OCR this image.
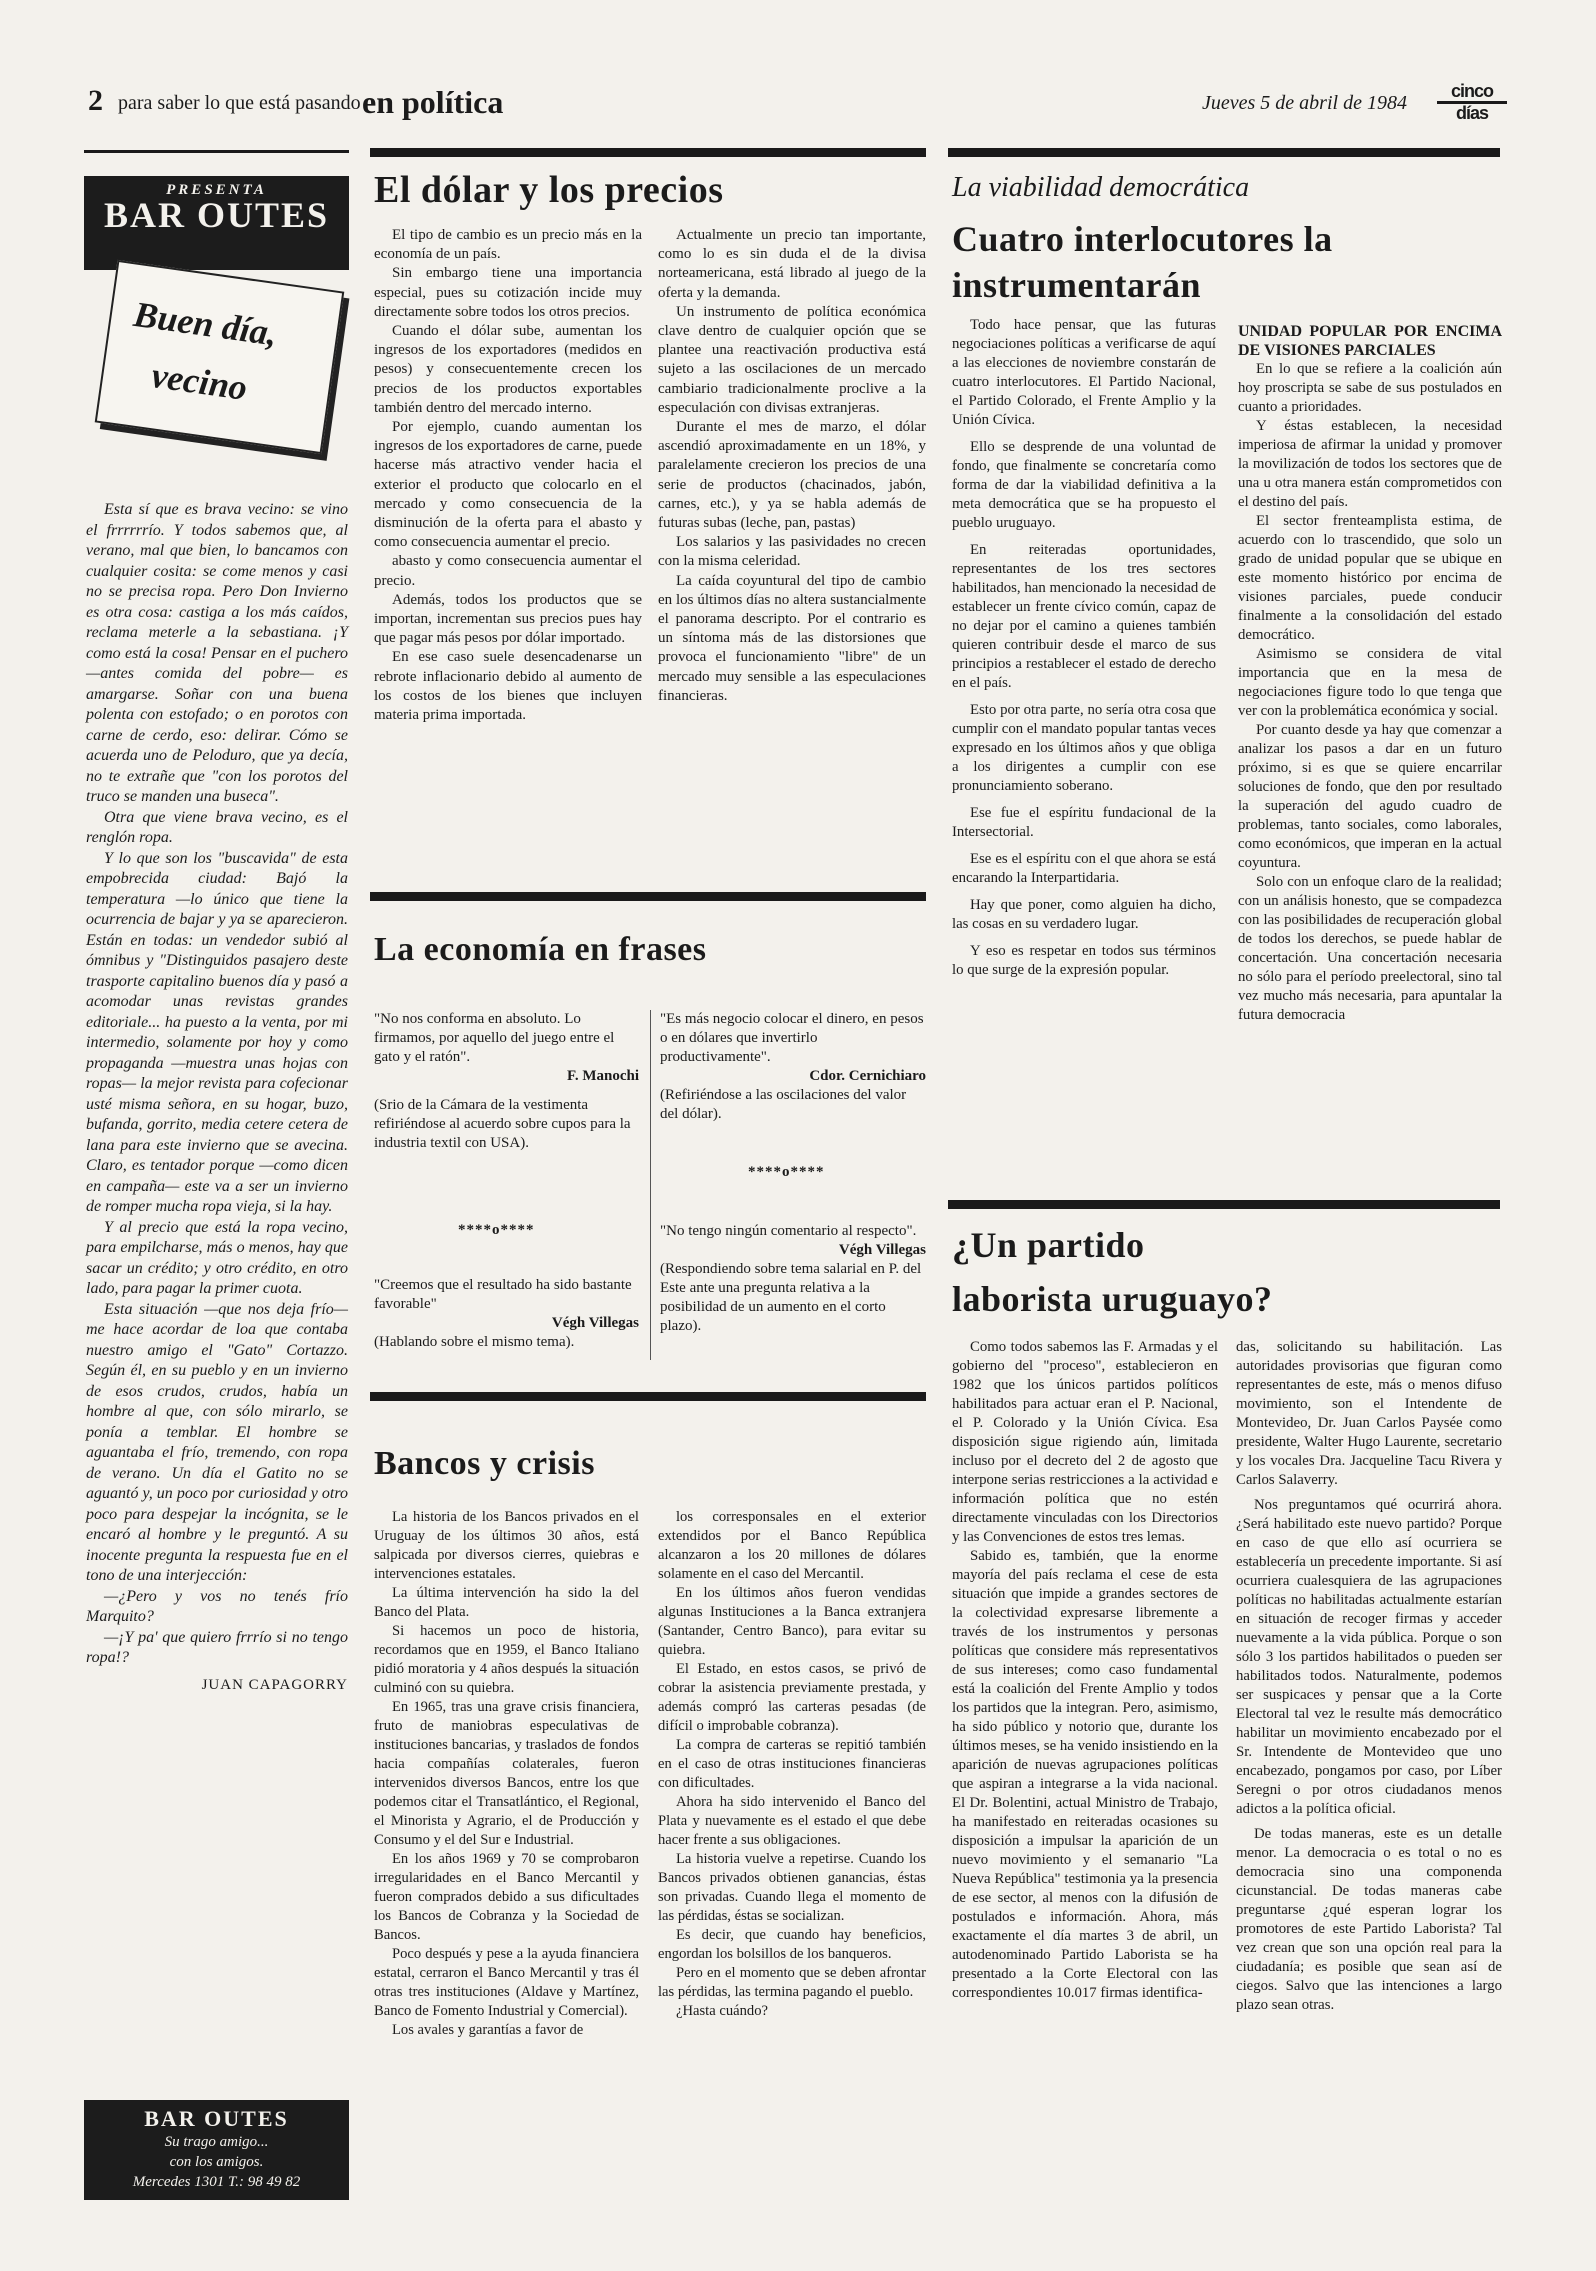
2 para saber lo que está pasando en política	Jueves 5 de abril de 1984
cinco
días
PRESENTA
BAR OUTES
Buen día,
vecino

Esta sí que es brava vecino: se vino el frrrrrrío. Y todos sabemos que, al verano, mal que bien, lo bancamos con cualquier cosita: se come menos y casi no se precisa ropa. Pero Don Invierno es otra cosa: castiga a los más caídos, reclama meterle a la sebastiana. ¡Y como está la cosa! Pensar en el puchero —antes comida del pobre— es amargarse. Soñar con una buena polenta con estofado; o en porotos con carne de cerdo, eso: delirar. Cómo se acuerda uno de Peloduro, que ya decía, no te extrañe que "con los porotos del truco se manden una buseca".

Otra que viene brava vecino, es el renglón ropa.

Y lo que son los "buscavida" de esta empobrecida ciudad: Bajó la temperatura —lo único que tiene la ocurrencia de bajar y ya se aparecieron. Están en todas: un vendedor subió al ómnibus y "Distinguidos pasajero deste trasporte capitalino buenos día y pasó a acomodar unas revistas grandes editoriale... ha puesto a la venta, por mi intermedio, solamente por hoy y como propaganda —muestra unas hojas con ropas— la mejor revista para cofecionar usté misma señora, en su hogar, buzo, bufanda, gorrito, media cetere cetera de lana para este invierno que se avecina. Claro, es tentador porque —como dicen en campaña— este va a ser un invierno de romper mucha ropa vieja, si la hay.

Y al precio que está la ropa vecino, para empilcharse, más o menos, hay que sacar un crédito; y otro crédito, en otro lado, para pagar la primer cuota.

Esta situación —que nos deja frío— me hace acordar de loa que contaba nuestro amigo el "Gato" Cortazzo. Según él, en su pueblo y en un invierno de esos crudos, crudos, había un hombre al que, con sólo mirarlo, se ponía a temblar. El hombre se aguantaba el frío, tremendo, con ropa de verano. Un día el Gatito no se aguantó y, un poco por curiosidad y otro poco para despejar la incógnita, se le encaró al hombre y le preguntó. A su inocente pregunta la respuesta fue en el tono de una interjección:

—¿Pero y vos no tenés frío Marquito?

—¡Y pa' que quiero frrrío si no tengo ropa!?

JUAN CAPAGORRY
BAR OUTES
Su trago amigo...
con los amigos.
Mercedes 1301 T.: 98 49 82
El dólar y los precios

El tipo de cambio es un precio más en la economía de un país.

Sin embargo tiene una importancia especial, pues su cotización incide muy directamente sobre todos los otros precios.

Cuando el dólar sube, aumentan los ingresos de los exportadores (medidos en pesos) y consecuentemente crecen los precios de los productos exportables también dentro del mercado interno.

Por ejemplo, cuando aumentan los ingresos de los exportadores de carne, puede hacerse más atractivo vender hacia el exterior el producto que colocarlo en el mercado y como consecuencia de la disminución de la oferta para el abasto y como consecuencia aumentar el precio.

abasto y como consecuencia aumentar el precio.

Además, todos los productos que se importan, incrementan sus precios pues hay que pagar más pesos por dólar importado.

En ese caso suele desencadenarse un rebrote inflacionario debido al aumento de los costos de los bienes que incluyen materia prima importada.

Actualmente un precio tan importante, como lo es sin duda el de la divisa norteamericana, está librado al juego de la oferta y la demanda.

Un instrumento de política económica clave dentro de cualquier opción que se plantee una reactivación productiva está sujeto a las oscilaciones de un mercado cambiario tradicionalmente proclive a la especulación con divisas extranjeras.

Durante el mes de marzo, el dólar ascendió aproximadamente en un 18%, y paralelamente crecieron los precios de una serie de productos (chacinados, jabón, carnes, etc.), y ya se habla además de futuras subas (leche, pan, pastas)

Los salarios y las pasividades no crecen con la misma celeridad.

La caída coyuntural del tipo de cambio en los últimos días no altera sustancialmente el panorama descripto. Por el contrario es un síntoma más de las distorsiones que provoca el funcionamiento "libre" de un mercado muy sensible a las especulaciones financieras.

La economía en frases
"No nos conforma en absoluto. Lo firmamos, por aquello del juego entre el gato y el ratón".
F. Manochi
(Srio de la Cámara de la vestimenta refiriéndose al acuerdo sobre cupos para la industria textil con USA).
****o****
"Creemos que el resultado ha sido bastante favorable"
Végh Villegas
(Hablando sobre el mismo tema).
"Es más negocio colocar el dinero, en pesos o en dólares que invertirlo productivamente".
Cdor. Cernichiaro
(Refiriéndose a las oscilaciones del valor del dólar).
****o****
"No tengo ningún comentario al respecto".
Végh Villegas
(Respondiendo sobre tema salarial en P. del Este ante una pregunta relativa a la posibilidad de un aumento en el corto plazo).
Bancos y crisis

La historia de los Bancos privados en el Uruguay de los últimos 30 años, está salpicada por diversos cierres, quiebras e intervenciones estatales.

La última intervención ha sido la del Banco del Plata.

Si hacemos un poco de historia, recordamos que en 1959, el Banco Italiano pidió moratoria y 4 años después la situación culminó con su quiebra.

En 1965, tras una grave crisis financiera, fruto de maniobras especulativas de instituciones bancarias, y traslados de fondos hacia compañías colaterales, fueron intervenidos diversos Bancos, entre los que podemos citar el Transatlántico, el Regional, el Minorista y Agrario, el de Producción y Consumo y el del Sur e Industrial.

En los años 1969 y 70 se comprobaron irregularidades en el Banco Mercantil y fueron comprados debido a sus dificultades los Bancos de Cobranza y la Sociedad de Bancos.

Poco después y pese a la ayuda financiera estatal, cerraron el Banco Mercantil y tras él otras tres instituciones (Aldave y Martínez, Banco de Fomento Industrial y Comercial).

Los avales y garantías a favor de

los corresponsales en el exterior extendidos por el Banco República alcanzaron a los 20 millones de dólares solamente en el caso del Mercantil.

En los últimos años fueron vendidas algunas Instituciones a la Banca extranjera (Santander, Centro Banco), para evitar su quiebra.

El Estado, en estos casos, se privó de cobrar la asistencia previamente prestada, y además compró las carteras pesadas (de difícil o improbable cobranza).

La compra de carteras se repitió también en el caso de otras instituciones financieras con dificultades.

Ahora ha sido intervenido el Banco del Plata y nuevamente es el estado el que debe hacer frente a sus obligaciones.

La historia vuelve a repetirse. Cuando los Bancos privados obtienen ganancias, éstas son privadas. Cuando llega el momento de las pérdidas, éstas se socializan.

Es decir, que cuando hay beneficios, engordan los bolsillos de los banqueros.

Pero en el momento que se deben afrontar las pérdidas, las termina pagando el pueblo.

¿Hasta cuándo?

La viabilidad democrática
Cuatro interlocutores la instrumentarán

Todo hace pensar, que las futuras negociaciones políticas a verificarse de aquí a las elecciones de noviembre constarán de cuatro interlocutores. El Partido Nacional, el Partido Colorado, el Frente Amplio y la Unión Cívica.

Ello se desprende de una voluntad de fondo, que finalmente se concretaría como forma de dar la viabilidad definitiva a la meta democrática que se ha propuesto el pueblo uruguayo.

En reiteradas oportunidades, representantes de los tres sectores habilitados, han mencionado la necesidad de establecer un frente cívico común, capaz de no dejar por el camino a quienes también quieren contribuir desde el marco de sus principios a restablecer el estado de derecho en el país.

Esto por otra parte, no sería otra cosa que cumplir con el mandato popular tantas veces expresado en los últimos años y que obliga a los dirigentes a cumplir con ese pronunciamiento soberano.

Ese fue el espíritu fundacional de la Intersectorial.

Ese es el espíritu con el que ahora se está encarando la Interpartidaria.

Hay que poner, como alguien ha dicho, las cosas en su verdadero lugar.

Y eso es respetar en todos sus términos lo que surge de la expresión popular.

UNIDAD POPULAR POR ENCIMA DE VISIONES PARCIALES

En lo que se refiere a la coalición aún hoy proscripta se sabe de sus postulados en cuanto a prioridades.

Y éstas establecen, la necesidad imperiosa de afirmar la unidad y promover la movilización de todos los sectores que de una u otra manera están comprometidos con el destino del país.

El sector frenteamplista estima, de acuerdo con lo trascendido, que solo un grado de unidad popular que se ubique en este momento histórico por encima de visiones parciales, puede conducir finalmente a la consolidación del estado democrático.

Asimismo se considera de vital importancia que en la mesa de negociaciones figure todo lo que tenga que ver con la problemática económica y social.

Por cuanto desde ya hay que comenzar a analizar los pasos a dar en un futuro próximo, si es que se quiere encarrilar soluciones de fondo, que den por resultado la superación del agudo cuadro de problemas, tanto sociales, como laborales, como económicos, que imperan en la actual coyuntura.

Solo con un enfoque claro de la realidad; con un análisis honesto, que se compadezca con las posibilidades de recuperación global de todos los derechos, se puede hablar de concertación. Una concertación necesaria no sólo para el período preelectoral, sino tal vez mucho más necesaria, para apuntalar la futura democracia

¿Un partido
laborista uruguayo?

Como todos sabemos las F. Armadas y el gobierno del "proceso", establecieron en 1982 que los únicos partidos políticos habilitados para actuar eran el P. Nacional, el P. Colorado y la Unión Cívica. Esa disposición sigue rigiendo aún, limitada incluso por el decreto del 2 de agosto que interpone serias restricciones a la actividad e información política que no estén directamente vinculadas con los Directorios y las Convenciones de estos tres lemas.

Sabido es, también, que la enorme mayoría del país reclama el cese de esta situación que impide a grandes sectores de la colectividad expresarse libremente a través de los instrumentos y personas políticas que considere más representativos de sus intereses; como caso fundamental está la coalición del Frente Amplio y todos los partidos que la integran. Pero, asimismo, ha sido público y notorio que, durante los últimos meses, se ha venido insistiendo en la aparición de nuevas agrupaciones políticas que aspiran a integrarse a la vida nacional. El Dr. Bolentini, actual Ministro de Trabajo, ha manifestado en reiteradas ocasiones su disposición a impulsar la aparición de un nuevo movimiento y el semanario "La Nueva República" testimonia ya la presencia de ese sector, al menos con la difusión de postulados e información. Ahora, más exactamente el día martes 3 de abril, un autodenominado Partido Laborista se ha presentado a la Corte Electoral con las correspondientes 10.017 firmas identifica-

das, solicitando su habilitación. Las autoridades provisorias que figuran como representantes de este, más o menos difuso movimiento, son el Intendente de Montevideo, Dr. Juan Carlos Paysée como presidente, Walter Hugo Laurente, secretario y los vocales Dra. Jacqueline Tacu Rivera y Carlos Salaverry.

Nos preguntamos qué ocurrirá ahora. ¿Será habilitado este nuevo partido? Porque en caso de que ello así ocurriera se establecería un precedente importante. Si así ocurriera cualesquiera de las agrupaciones políticas no habilitadas actualmente estarían en situación de recoger firmas y acceder nuevamente a la vida pública. Porque o son sólo 3 los partidos habilitados o pueden ser habilitados todos. Naturalmente, podemos ser suspicaces y pensar que a la Corte Electoral tal vez le resulte más democrático habilitar un movimiento encabezado por el Sr. Intendente de Montevideo que uno encabezado, pongamos por caso, por Líber Seregni o por otros ciudadanos menos adictos a la política oficial.

De todas maneras, este es un detalle menor. La democracia o es total o no es democracia sino una componenda cicunstancial. De todas maneras cabe preguntarse ¿qué esperan lograr los promotores de este Partido Laborista? Tal vez crean que son una opción real para la ciudadanía; es posible que sean así de ciegos. Salvo que las intenciones a largo plazo sean otras.
